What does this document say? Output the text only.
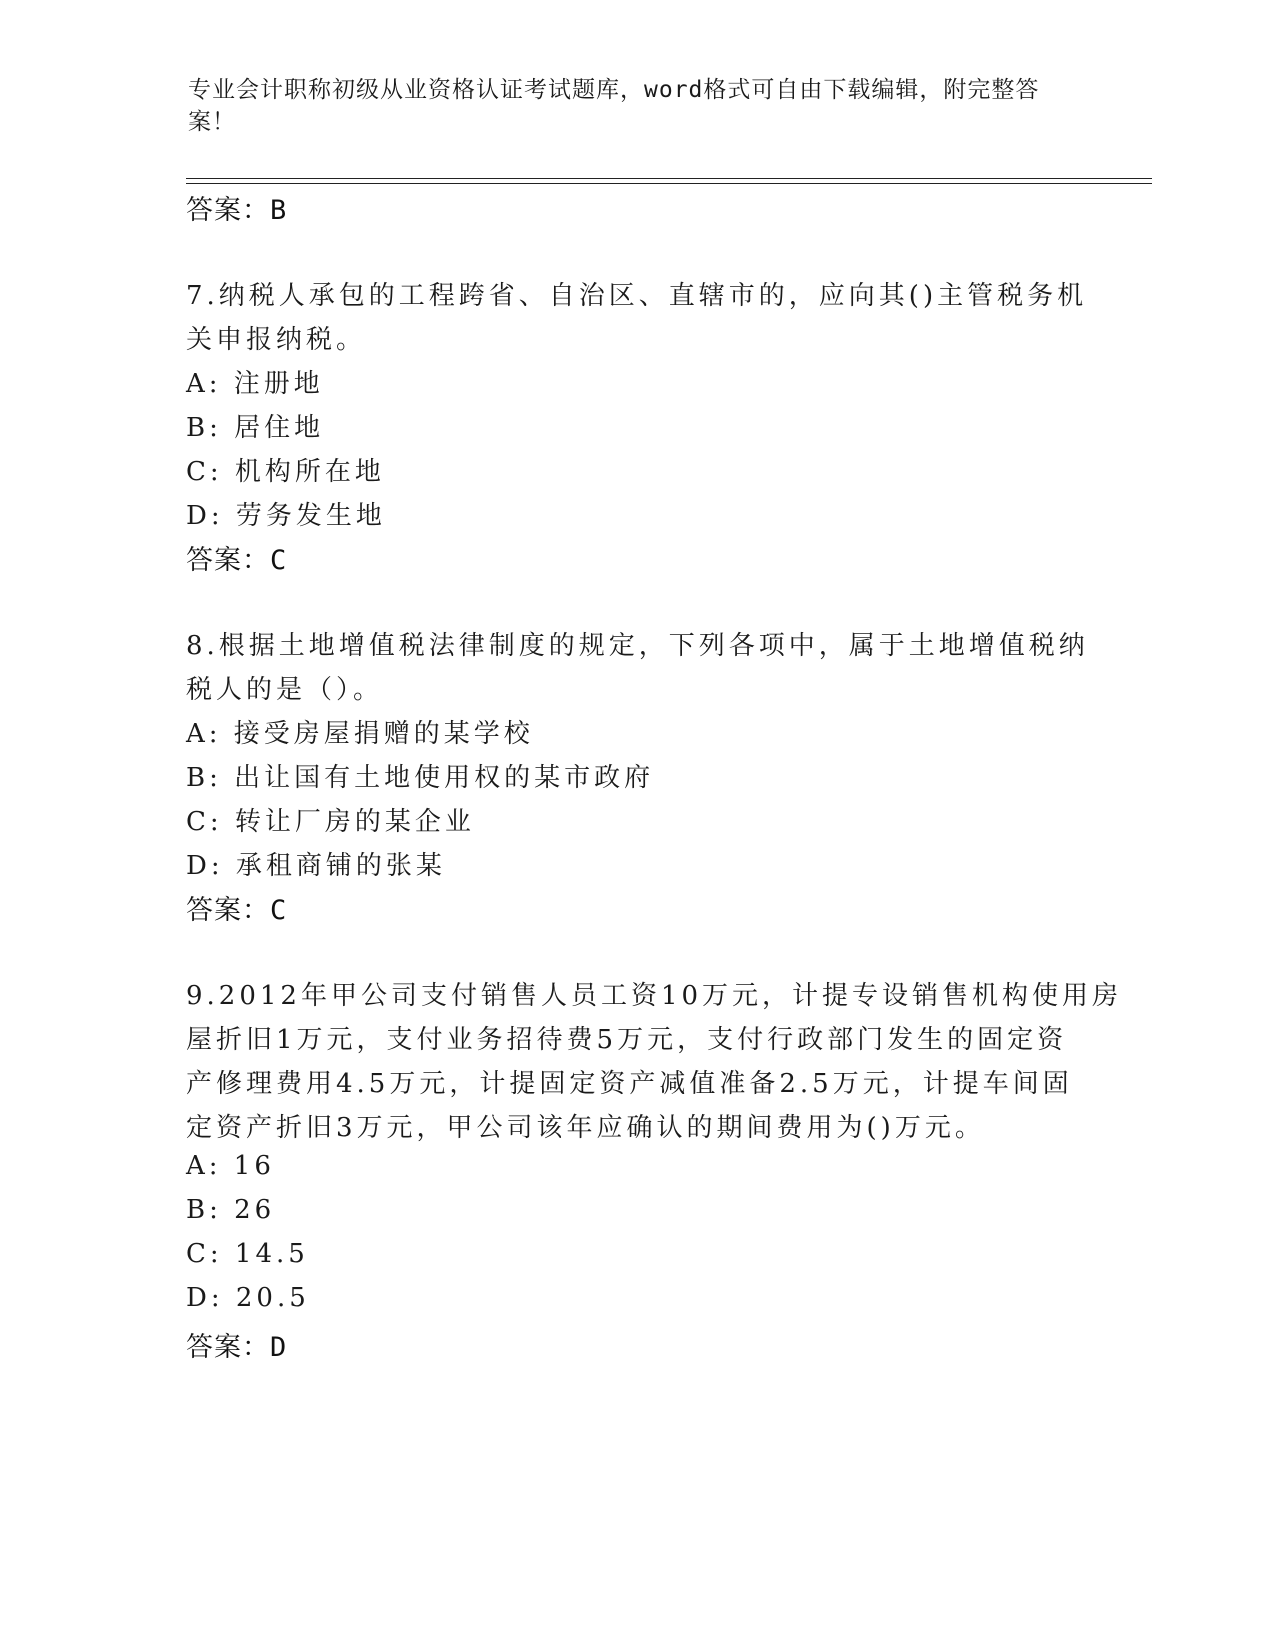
专业会计职称初级从业资格认证考试题库，word格式可自由下载编辑，附完整答
案！
答案：B
7.纳税人承包的工程跨省、自治区、直辖市的，应向其()主管税务机
关申报纳税。
A: 注册地
B: 居住地
C: 机构所在地
D: 劳务发生地
答案：C
8.根据土地增值税法律制度的规定，下列各项中，属于土地增值税纳
税人的是（）。
A: 接受房屋捐赠的某学校
B: 出让国有土地使用权的某市政府
C: 转让厂房的某企业
D: 承租商铺的张某
答案：C
9.2012年甲公司支付销售人员工资10万元，计提专设销售机构使用房
屋折旧1万元，支付业务招待费5万元，支付行政部门发生的固定资
产修理费用4.5万元，计提固定资产减值准备2.5万元，计提车间固
定资产折旧3万元，甲公司该年应确认的期间费用为()万元。
A: 16
B: 26
C: 14.5
D: 20.5
答案：D
